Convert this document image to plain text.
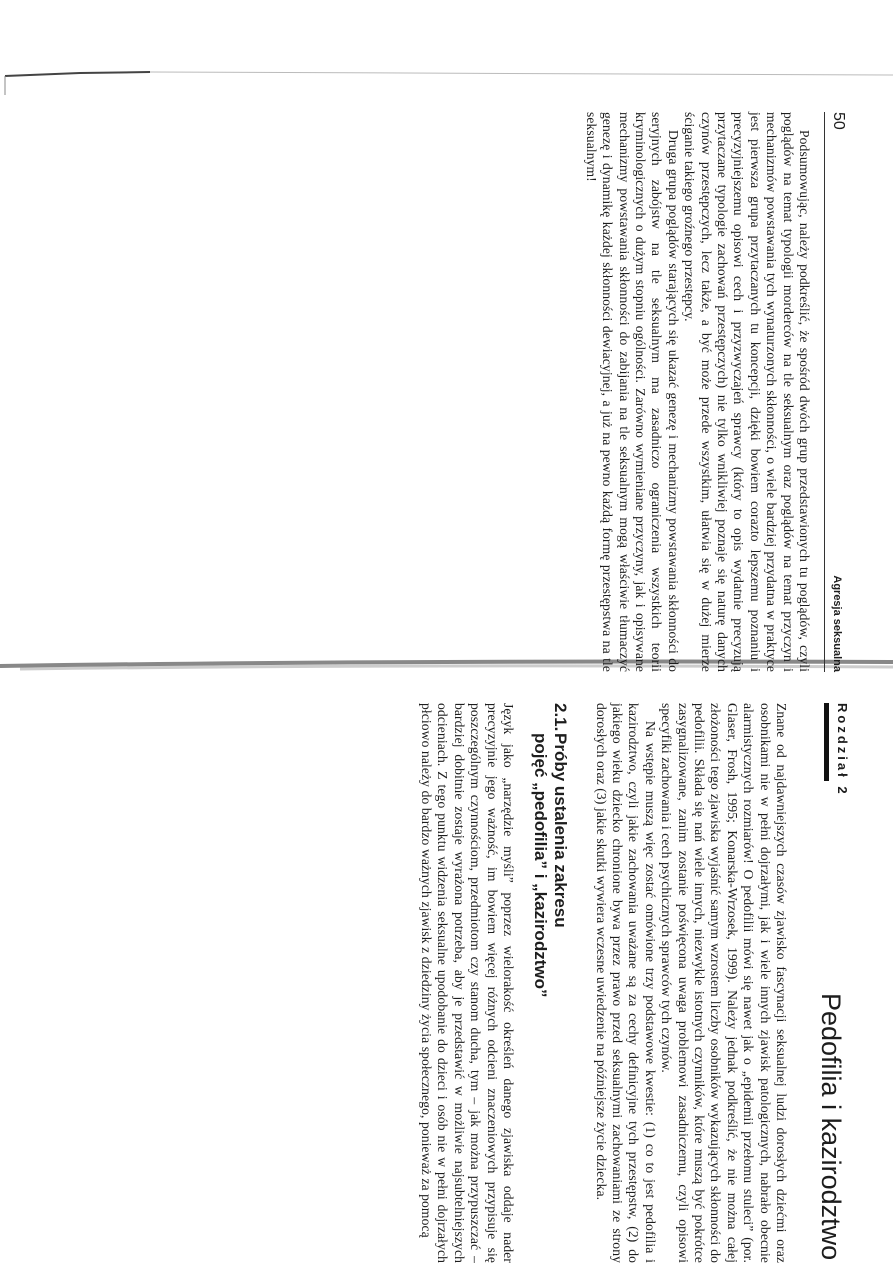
50
Agresja seksualna

Podsumowując, należy podkreślić, że spośród dwóch grup przedstawionych tu poglądów, czyli poglądów na temat typologii morderców na tle seksualnym oraz poglądów na temat przyczyn i mechanizmów powstawania tych wynaturzonych skłonności, o wiele bardziej przydatna w praktyce jest pierwsza grupa przytaczanych tu koncepcji, dzięki bowiem corazto lepszemu poznaniu i precyzyjniejszemu opisowi cech i przyzwyczajeń sprawcy (który to opis wydatnie precyzują przytaczane typologie zachowań przestępczych) nie tylko wnikliwiej poznaje się naturę danych czynów przestępczych, lecz także, a być może przede wszystkim, ułatwia się w dużej mierze ściganie takiego groźnego przestępcy.

Druga grupa poglądów starających się ukazać genezę i mechanizmy powstawania skłonności do seryjnych zabójstw na tle seksualnym ma zasadniczo ograniczenia wszystkich teorii kryminologicznych o dużym stopniu ogólności. Zarówno wymieniane przyczyny, jak i opisywane mechanizmy powstawania skłonności do zabijania na tle seksualnym mogą właściwie tłumaczyć genezę i dynamikę każdej skłonności dewiacyjnej, a już na pewno każdą formę przestępstwa na tle seksualnym!

Rozdział 2
Pedofilia i kazirodztwo

Znane od najdawniejszych czasów zjawisko fascynacji seksualnej ludzi dorosłych dziećmi oraz osobnikami nie w pełni dojrzałymi, jak i wiele innych zjawisk patologicznych, nabrało obecnie alarmistycznych rozmiarów! O pedofilii mówi się nawet jak o „epidemii przełomu stuleci” (por. Glaser, Frosh, 1995; Konarska-Wrzosek, 1999). Należy jednak podkreślić, że nie można całej złożoności tego zjawiska wyjaśnić samym wzrostem liczby osobników wykazujących skłonności do pedofilii. Składa się nań wiele innych, niezwykle istotnych czynników, które muszą być pokrótce zasygnalizowane, zanim zostanie poświęcona uwaga problemowi zasadniczemu, czyli opisowi specyfiki zachowania i cech psychicznych sprawców tych czynów.

Na wstępie muszą więc zostać omówione trzy podstawowe kwestie: (1) co to jest pedofilia i kazirodztwo, czyli jakie zachowania uważane są za cechy definicyjne tych przestępstw, (2) do jakiego wieku dziecko chronione bywa przez prawo przed seksualnymi zachowaniami ze strony dorosłych oraz (3) jakie skutki wywiera wczesne uwiedzenie na późniejsze życie dziecka.

2.1.Próby ustalenia zakresu
pojęć „pedofilia” i „kazirodztwo”

Język jako „narzędzie myśli” poprzez wielorakość określeń danego zjawiska oddaje nader precyzyjnie jego ważność, im bowiem więcej różnych odcieni znaczeniowych przypisuje się poszczególnym czynnościom, przedmiotom czy stanom ducha, tym – jak można przypuszczać – bardziej dobitnie zostaje wyrażona potrzeba, aby je przedstawić w możliwie najsubtelniejszych odcieniach. Z tego punktu widzenia seksualne upodobanie do dzieci i osób nie w pełni dojrzałych płciowo należy do bardzo ważnych zjawisk z dziedziny życia społecznego, ponieważ za pomocą
